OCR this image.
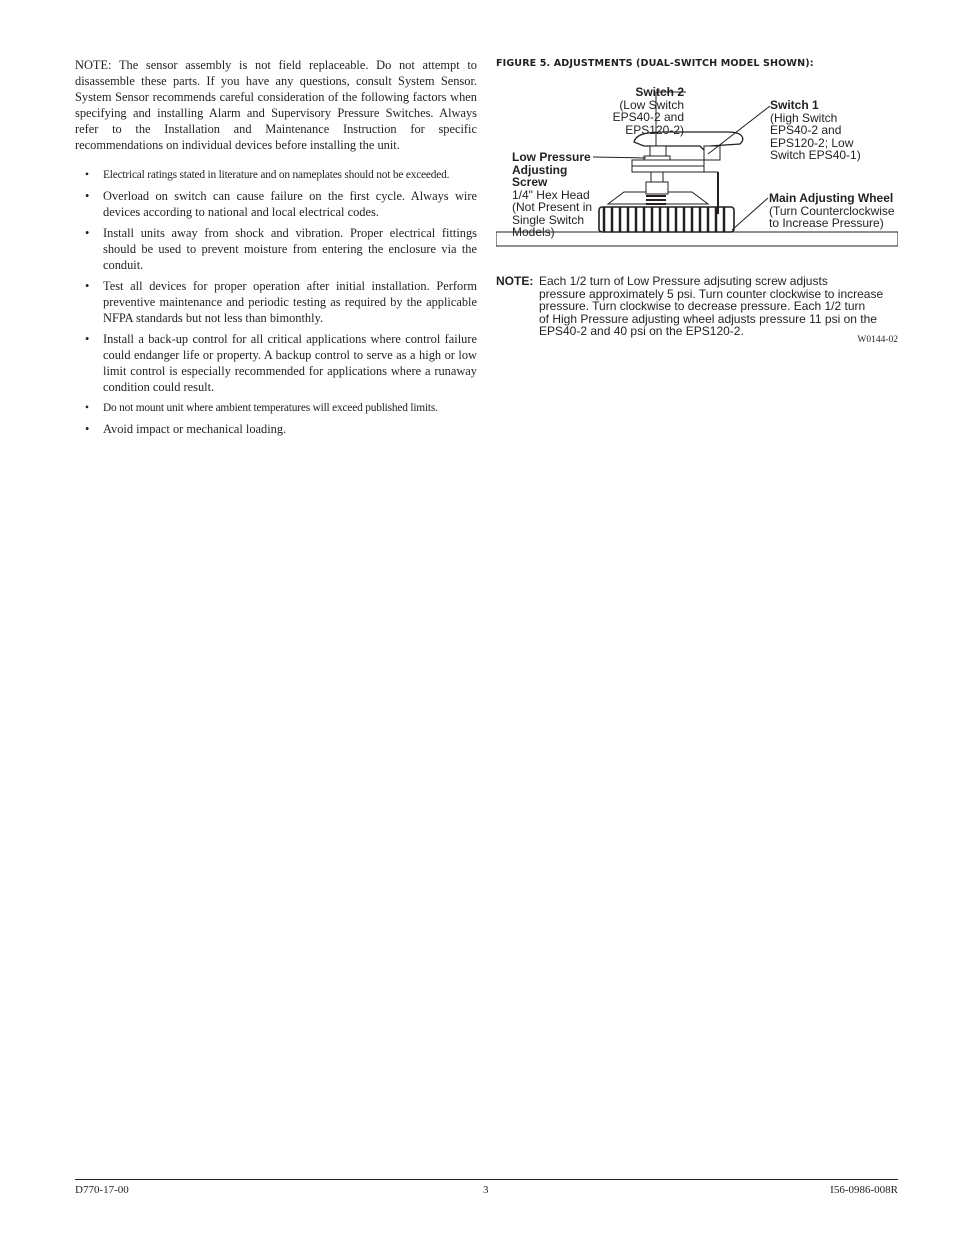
NOTE: The sensor assembly is not field replaceable. Do not attempt to disassemble these parts. If you have any questions, consult System Sensor. System Sensor recommends careful consideration of the following factors when specifying and installing Alarm and Supervisory Pressure Switches. Always refer to the Installation and Maintenance Instruction for specific recommendations on individual devices before installing the unit.

• Electrical ratings stated in literature and on nameplates should not be exceeded.
• Overload on switch can cause failure on the first cycle. Always wire devices according to national and local electrical codes.
• Install units away from shock and vibration. Proper electrical fittings should be used to prevent moisture from entering the enclosure via the conduit.
• Test all devices for proper operation after initial installation. Perform preventive maintenance and periodic testing as required by the applicable NFPA standards but not less than bimonthly.
• Install a back-up control for all critical applications where control failure could endanger life or property. A backup control to serve as a high or low limit control is especially recommended for applications where a runaway condition could result.
• Do not mount unit where ambient temperatures will exceed published limits.
• Avoid impact or mechanical loading.

FIGURE 5. ADJUSTMENTS (DUAL-SWITCH MODEL SHOWN):

Switch 2
(Low Switch
EPS40-2 and
EPS120-2)
Switch 1
(High Switch
EPS40-2 and
EPS120-2; Low
Switch EPS40-1)
Low Pressure
Adjusting
Screw
1/4" Hex Head
(Not Present in
Single Switch
Models)
Main Adjusting Wheel
(Turn Counterclockwise
to Increase Pressure)
NOTE: Each 1/2 turn of Low Pressure adjsuting screw adjusts
pressure approximately 5 psi. Turn counter clockwise to increase
pressure. Turn clockwise to decrease pressure. Each 1/2 turn
of High Pressure adjusting wheel adjusts pressure 11 psi on the
EPS40-2 and 40 psi on the EPS120-2.
W0144-02
D770-17-00	3	I56-0986-008R
